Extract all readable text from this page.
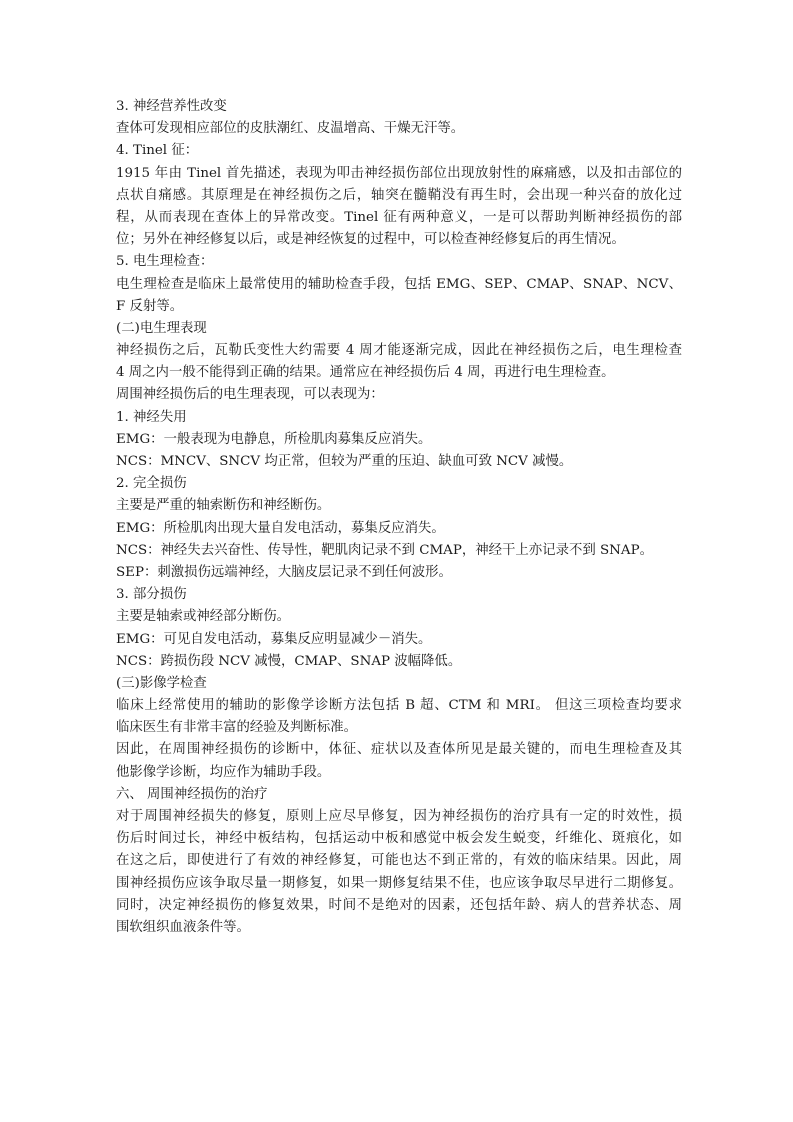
3. 神经营养性改变
查体可发现相应部位的皮肤潮红、皮温增高、干燥无汗等。
4. Tinel 征：
1915 年由 Tinel 首先描述，表现为叩击神经损伤部位出现放射性的麻痛感，以及扣击部位的
点状自痛感。其原理是在神经损伤之后，轴突在髓鞘没有再生时，会出现一种兴奋的放化过
程，从而表现在查体上的异常改变。Tinel 征有两种意义，一是可以帮助判断神经损伤的部
位；另外在神经修复以后，或是神经恢复的过程中，可以检查神经修复后的再生情况。
5. 电生理检查：
电生理检查是临床上最常使用的辅助检查手段，包括 EMG、SEP、CMAP、SNAP、NCV、
F 反射等。
(二)电生理表现
神经损伤之后，瓦勒氏变性大约需要 4 周才能逐渐完成，因此在神经损伤之后，电生理检查
4 周之内一般不能得到正确的结果。通常应在神经损伤后 4 周，再进行电生理检查。
周围神经损伤后的电生理表现，可以表现为：
1. 神经失用
EMG：一般表现为电静息，所检肌肉募集反应消失。
NCS：MNCV、SNCV 均正常，但较为严重的压迫、缺血可致 NCV 减慢。
2. 完全损伤
主要是严重的轴索断伤和神经断伤。
EMG：所检肌肉出现大量自发电活动，募集反应消失。
NCS：神经失去兴奋性、传导性，靶肌肉记录不到 CMAP，神经干上亦记录不到 SNAP。
SEP：刺激损伤远端神经，大脑皮层记录不到任何波形。
3. 部分损伤
主要是轴索或神经部分断伤。
EMG：可见自发电活动，募集反应明显减少－消失。
NCS：跨损伤段 NCV 减慢，CMAP、SNAP 波幅降低。
(三)影像学检查
临床上经常使用的辅助的影像学诊断方法包括 B 超、CTM 和 MRI。 但这三项检查均要求
临床医生有非常丰富的经验及判断标准。
因此，在周围神经损伤的诊断中，体征、症状以及查体所见是最关键的，而电生理检查及其
他影像学诊断，均应作为辅助手段。
六、 周围神经损伤的治疗
对于周围神经损失的修复，原则上应尽早修复，因为神经损伤的治疗具有一定的时效性，损
伤后时间过长，神经中板结构，包括运动中板和感觉中板会发生蜕变，纤维化、斑痕化，如
在这之后，即使进行了有效的神经修复，可能也达不到正常的，有效的临床结果。因此，周
围神经损伤应该争取尽量一期修复，如果一期修复结果不佳，也应该争取尽早进行二期修复。
同时，决定神经损伤的修复效果，时间不是绝对的因素，还包括年龄、病人的营养状态、周
围软组织血液条件等。
